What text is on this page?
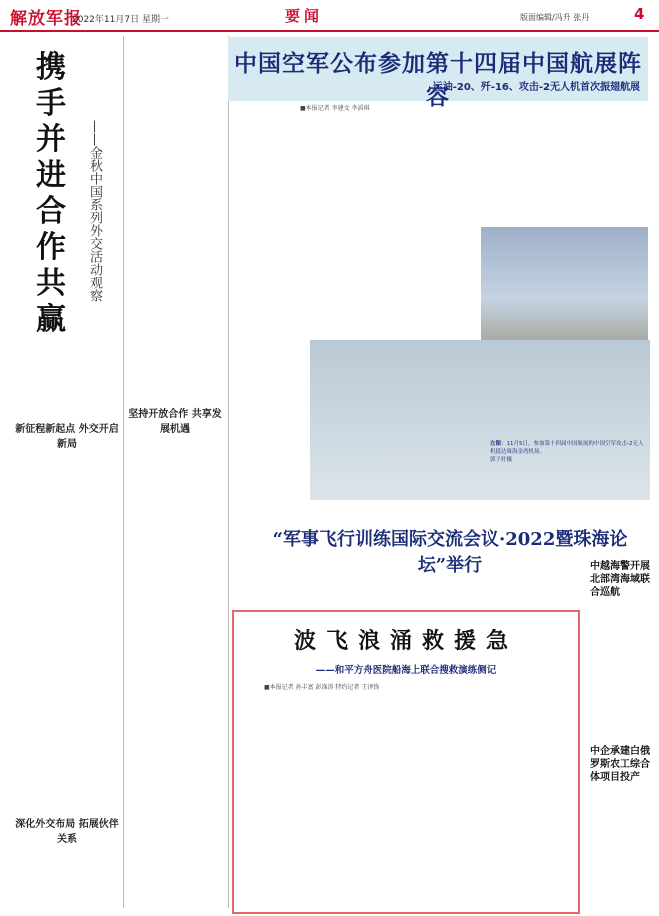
解放军报
2022年11月7日 星期一	要闻	版面编辑/冯升 张丹	4
携手并进 合作共赢
——金秋中国系列外交活动观察
新征程新起点 外交开启新局
深化外交布局 拓展伙伴关系
坚持开放合作 共享发展机遇
中国空军公布参加第十四届中国航展阵容
运油-20、歼-16、攻击-2无人机首次振翅航展
■本报记者 李建文 李滔琪

左图：11月5日，参加第十四届中国航展的中国空军攻击-2无人机抵达珠海金湾机场。
郭子轩摄
“军事飞行训练国际交流会议·2022暨珠海论坛”举行
波飞浪涌救援急
——和平方舟医院船海上联合搜救演练侧记
■本报记者 孙丰富 彭涤涛 特约记者 王泽锋
中越海警开展北部湾海域联合巡航
中企承建白俄罗斯农工综合体项目投产
